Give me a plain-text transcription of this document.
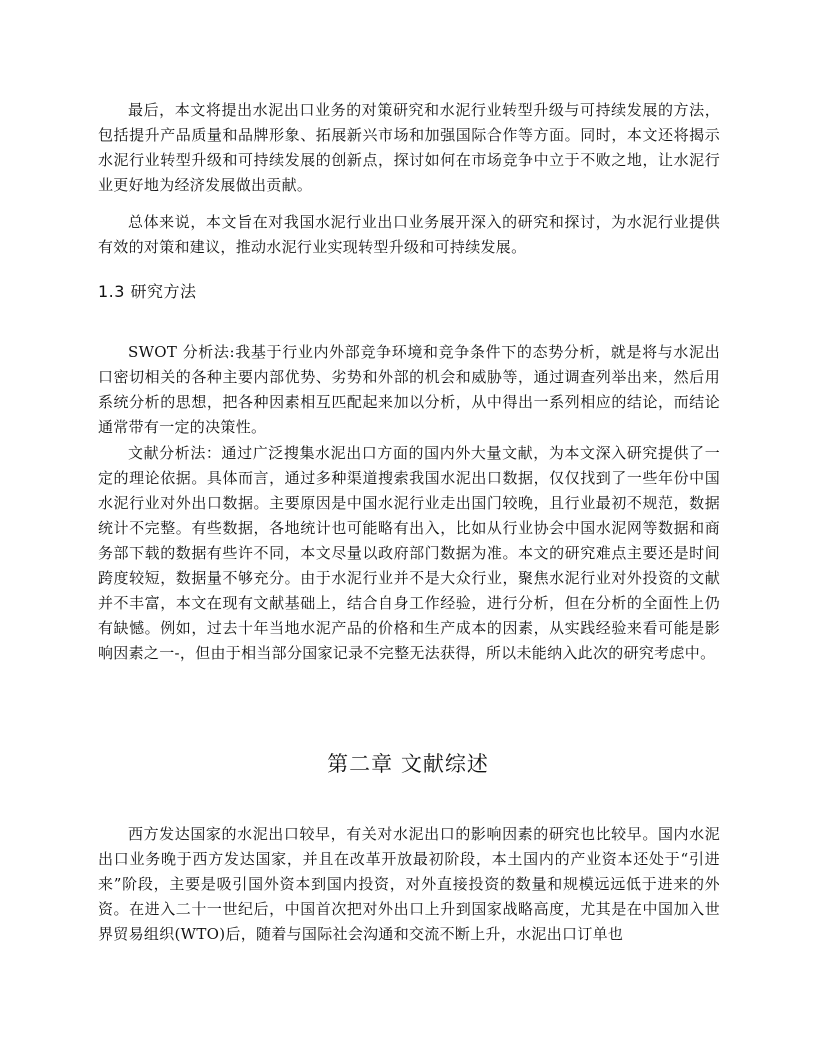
最后，本文将提出水泥出口业务的对策研究和水泥行业转型升级与可持续发展的方法，包括提升产品质量和品牌形象、拓展新兴市场和加强国际合作等方面。同时，本文还将揭示水泥行业转型升级和可持续发展的创新点，探讨如何在市场竞争中立于不败之地，让水泥行业更好地为经济发展做出贡献。

总体来说，本文旨在对我国水泥行业出口业务展开深入的研究和探讨，为水泥行业提供有效的对策和建议，推动水泥行业实现转型升级和可持续发展。

1.3 研究方法

SWOT 分析法:我基于行业内外部竞争环境和竞争条件下的态势分析，就是将与水泥出口密切相关的各种主要内部优势、劣势和外部的机会和威胁等，通过调查列举出来，然后用系统分析的思想，把各种因素相互匹配起来加以分析，从中得出一系列相应的结论，而结论通常带有一定的决策性。

文献分析法：通过广泛搜集水泥出口方面的国内外大量文献，为本文深入研究提供了一定的理论依据。具体而言，通过多种渠道搜索我国水泥出口数据，仅仅找到了一些年份中国水泥行业对外出口数据。主要原因是中国水泥行业走出国门较晚，且行业最初不规范，数据统计不完整。有些数据，各地统计也可能略有出入，比如从行业协会中国水泥网等数据和商务部下载的数据有些许不同，本文尽量以政府部门数据为准。本文的研究难点主要还是时间跨度较短，数据量不够充分。由于水泥行业并不是大众行业，聚焦水泥行业对外投资的文献并不丰富，本文在现有文献基础上，结合自身工作经验，进行分析，但在分析的全面性上仍有缺憾。例如，过去十年当地水泥产品的价格和生产成本的因素，从实践经验来看可能是影响因素之一-，但由于相当部分国家记录不完整无法获得，所以未能纳入此次的研究考虑中。

第二章 文献综述

西方发达国家的水泥出口较早，有关对水泥出口的影响因素的研究也比较早。国内水泥出口业务晚于西方发达国家，并且在改革开放最初阶段，本土国内的产业资本还处于“引进来”阶段，主要是吸引国外资本到国内投资，对外直接投资的数量和规模远远低于进来的外资。在进入二十一世纪后，中国首次把对外出口上升到国家战略高度，尤其是在中国加入世界贸易组织(WTO)后，随着与国际社会沟通和交流不断上升，水泥出口订单也
